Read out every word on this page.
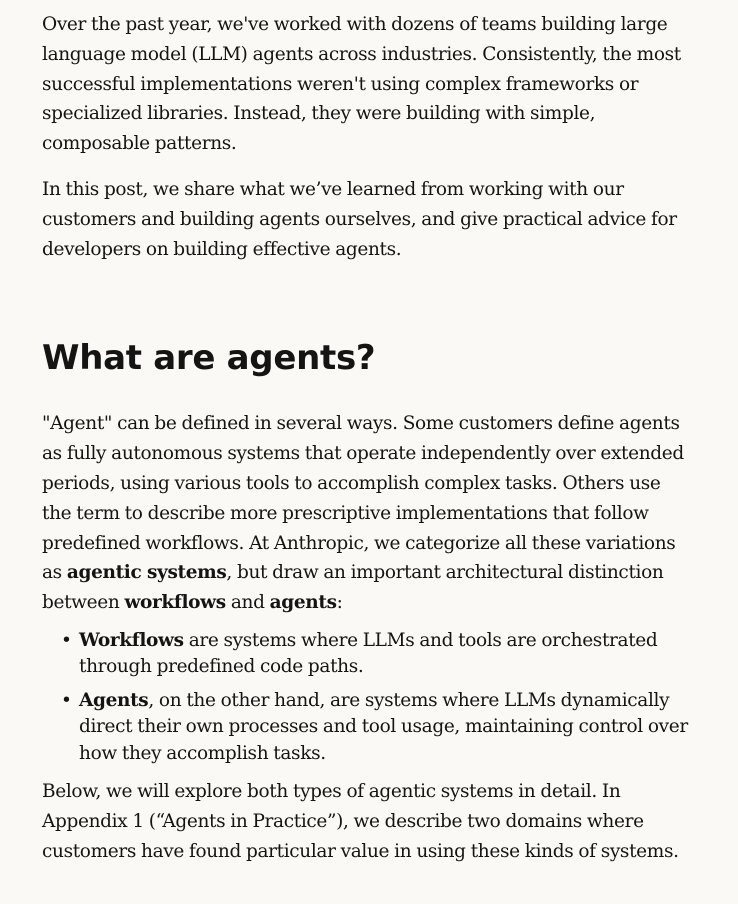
Over the past year, we've worked with dozens of teams building large language model (LLM) agents across industries. Consistently, the most successful implementations weren't using complex frameworks or specialized libraries. Instead, they were building with simple, composable patterns.

In this post, we share what we’ve learned from working with our customers and building agents ourselves, and give practical advice for developers on building effective agents.

What are agents?

"Agent" can be defined in several ways. Some customers define agents as fully autonomous systems that operate independently over extended periods, using various tools to accomplish complex tasks. Others use the term to describe more prescriptive implementations that follow predefined workflows. At Anthropic, we categorize all these variations as agentic systems, but draw an important architectural distinction between workflows and agents:

• Workflows are systems where LLMs and tools are orchestrated through predefined code paths.
• Agents, on the other hand, are systems where LLMs dynamically direct their own processes and tool usage, maintaining control over how they accomplish tasks.

Below, we will explore both types of agentic systems in detail. In Appendix 1 (“Agents in Practice”), we describe two domains where customers have found particular value in using these kinds of systems.
